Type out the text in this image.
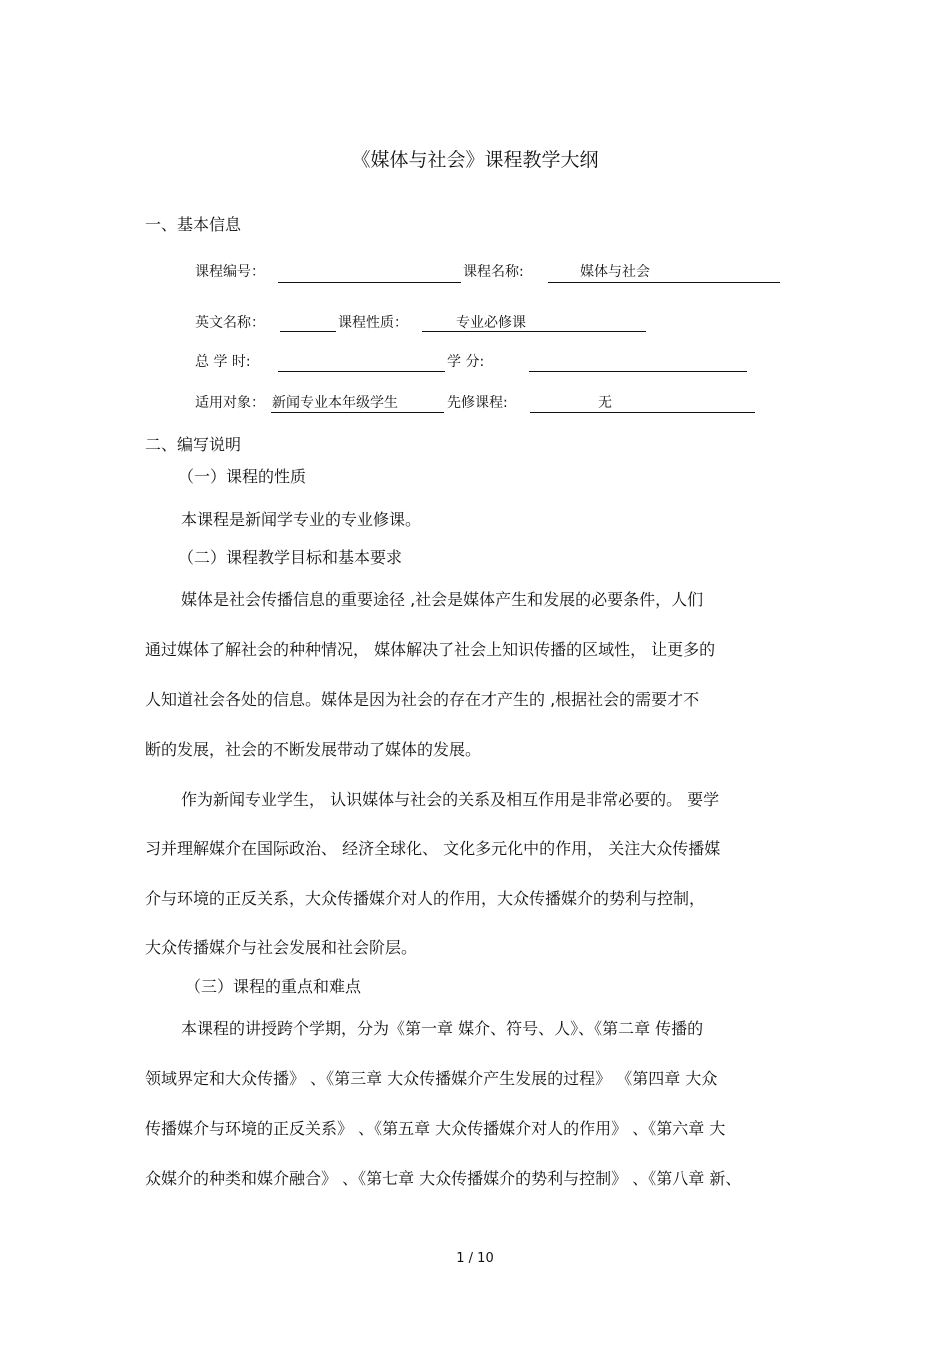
《媒体与社会》课程教学大纲
一、基本信息
课程编号：	课程名称:	媒体与社会
英文名称：	课程性质：	专业必修课
总 学 时:	学 分:
适用对象： 新闻专业本年级学生	先修课程:	无
二、编写说明
（一）课程的性质
本课程是新闻学专业的专业修课。
（二）课程教学目标和基本要求
媒体是社会传播信息的重要途径 ,社会是媒体产生和发展的必要条件，人们
通过媒体了解社会的种种情况， 媒体解决了社会上知识传播的区域性， 让更多的
人知道社会各处的信息。媒体是因为社会的存在才产生的 ,根据社会的需要才不
断的发展，社会的不断发展带动了媒体的发展。
作为新闻专业学生， 认识媒体与社会的关系及相互作用是非常必要的。 要学
习并理解媒介在国际政治、 经济全球化、 文化多元化中的作用， 关注大众传播媒
介与环境的正反关系，大众传播媒介对人的作用，大众传播媒介的势利与控制，
大众传播媒介与社会发展和社会阶层。
（三）课程的重点和难点
本课程的讲授跨个学期，分为《第一章 媒介、符号、人》、《第二章 传播的
领域界定和大众传播》 、《第三章 大众传播媒介产生发展的过程》 《第四章 大众
传播媒介与环境的正反关系》 、《第五章 大众传播媒介对人的作用》 、《第六章 大
众媒介的种类和媒介融合》 、《第七章 大众传播媒介的势利与控制》 、《第八章 新、
1 / 10
